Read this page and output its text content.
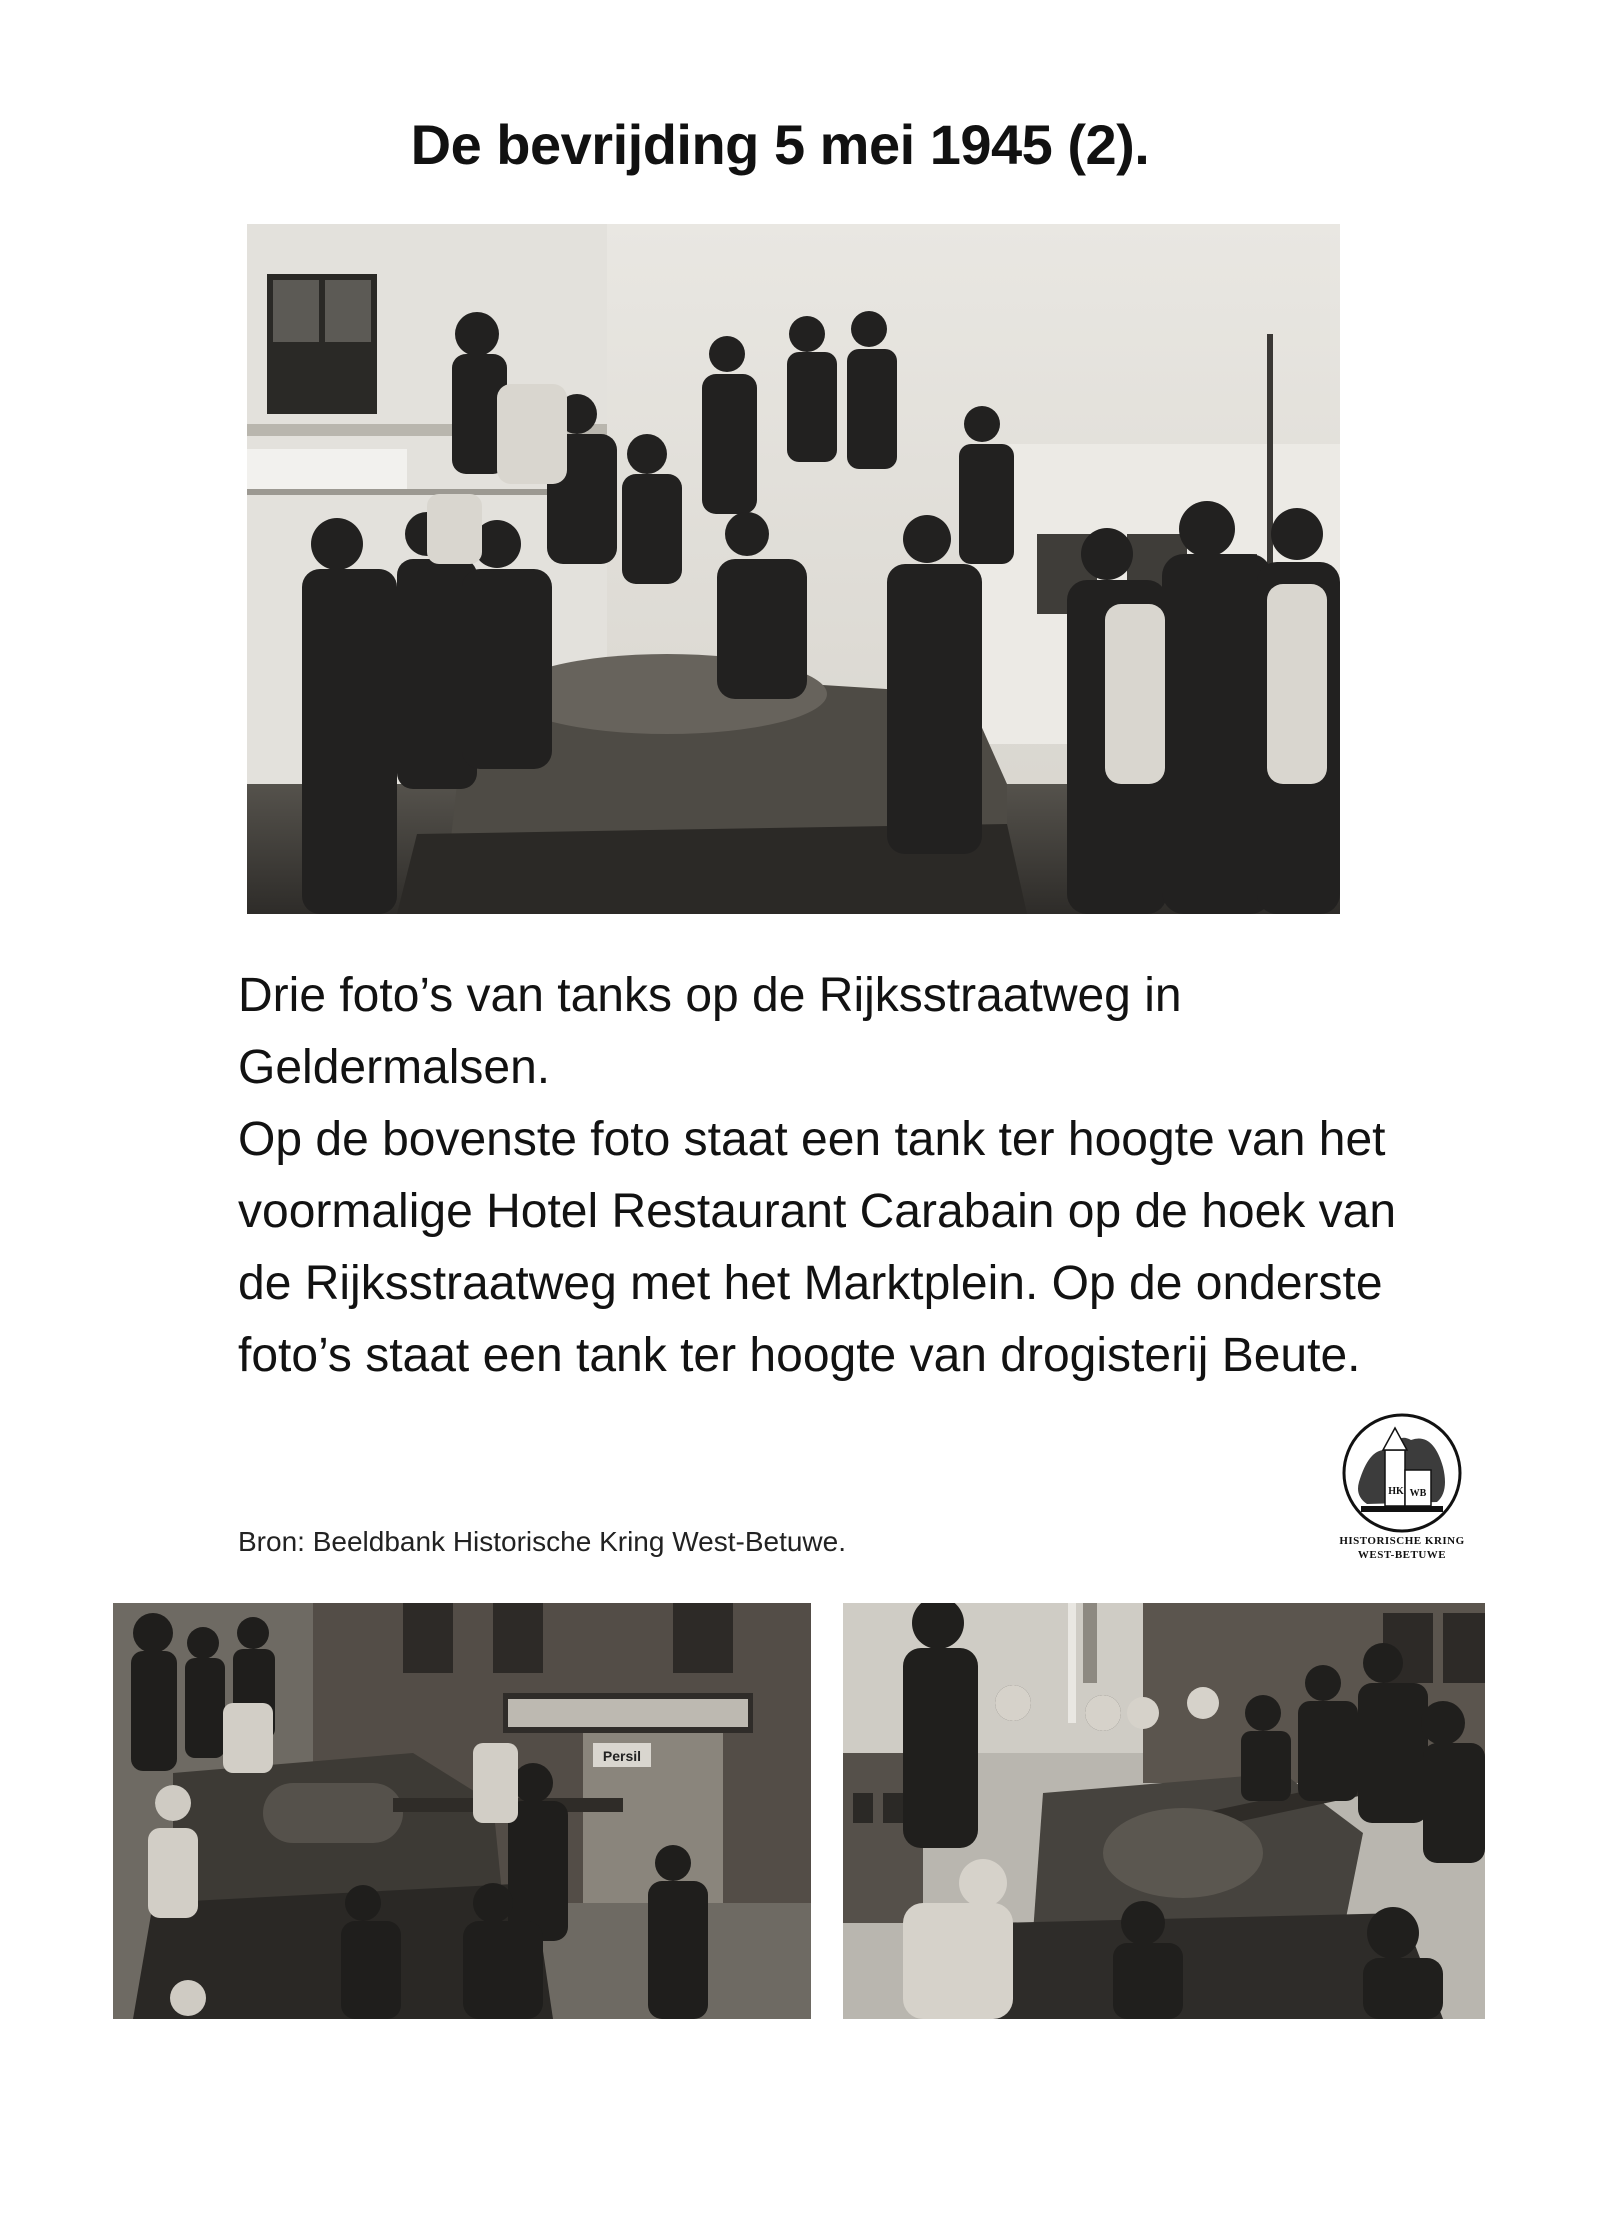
De bevrijding 5 mei 1945 (2).

Drie foto’s van tanks op de Rijksstraatweg in Geldermalsen.

Op de bovenste foto staat een tank ter hoogte van het voormalige Hotel Restaurant Carabain op de hoek van de Rijksstraatweg met het Marktplein. Op de onderste foto’s staat een tank ter hoogte van drogisterij Beute.

Bron: Beeldbank Historische Kring West-Betuwe.
HK WB
HISTORISCHE KRING
WEST-BETUWE
Persil
